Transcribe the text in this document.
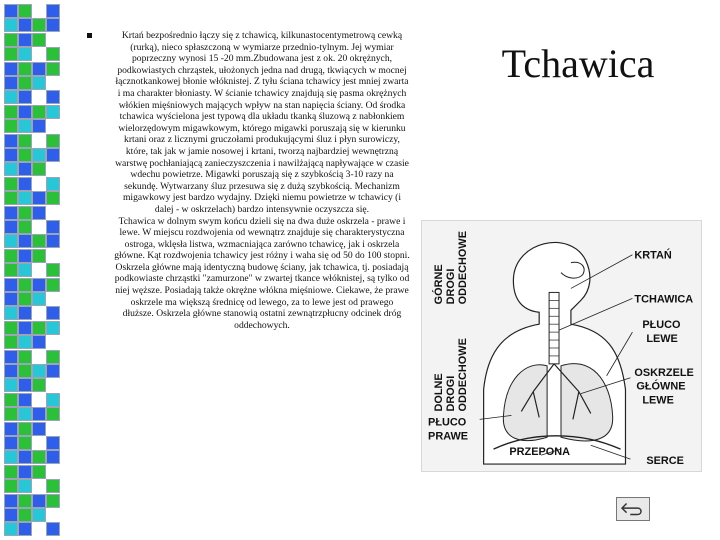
Krtań bezpośrednio łączy się z tchawicą, kilkunastocentymetrową cewką (rurką), nieco spłaszczoną w wymiarze przednio-tylnym. Jej wymiar poprzeczny wynosi 15 -20 mm.Zbudowana jest z ok. 20 okrężnych, podkowiastych chrząstek, ułożonych jedna nad drugą, tkwiących w mocnej łącznotkankowej błonie włóknistej. Z tyłu ściana tchawicy jest mniej zwarta i ma charakter błoniasty. W ścianie tchawicy znajdują się pasma okrężnych włókien mięśniowych mających wpływ na stan napięcia ściany. Od środka tchawica wyścielona jest typową dla układu tkanką śluzową z nabłonkiem wielorzędowym migawkowym, którego migawki poruszają się w kierunku krtani oraz z licznymi gruczołami produkującymi śluz i płyn surowiczy, które, tak jak w jamie nosowej i krtani, tworzą najbardziej wewnętrzną warstwę pochłaniającą zanieczyszczenia i nawilżającą napływające w czasie wdechu powietrze. Migawki poruszają się z szybkością 3-10 razy na sekundę. Wytwarzany śluz przesuwa się z dużą szybkością. Mechanizm migawkowy jest bardzo wydajny. Dzięki niemu powietrze w tchawicy (i dalej - w oskrzelach) bardzo intensywnie oczyszcza się.
Tchawica w dolnym swym końcu dzieli się na dwa duże oskrzela - prawe i lewe. W miejscu rozdwojenia od wewnątrz znajduje się charakterystyczna ostroga, wklęsła listwa, wzmacniająca zarówno tchawicę, jak i oskrzela główne. Kąt rozdwojenia tchawicy jest różny i waha się od 50 do 100 stopni. Oskrzela główne mają identyczną budowę ściany, jak tchawica, tj. posiadają podkowiaste chrząstki "zamurzone" w zwartej tkance włóknistej, są tylko od niej węższe. Posiadają także okrężne włókna mięśniowe. Ciekawe, że prawe oskrzele ma większą średnicę od lewego, za to lewe jest od prawego dłuższe. Oskrzela główne stanowią ostatni zewnątrzpłucny odcinek dróg oddechowych.
Tchawica
GÓRNE DROGI ODDECHOWE
DOLNE DROGI ODDECHOWE
KRTAŃ
TCHAWICA
PŁUCO
LEWE
OSKRZELE
GŁÓWNE
LEWE
PŁUCO
PRAWE
PRZEPONA
SERCE
